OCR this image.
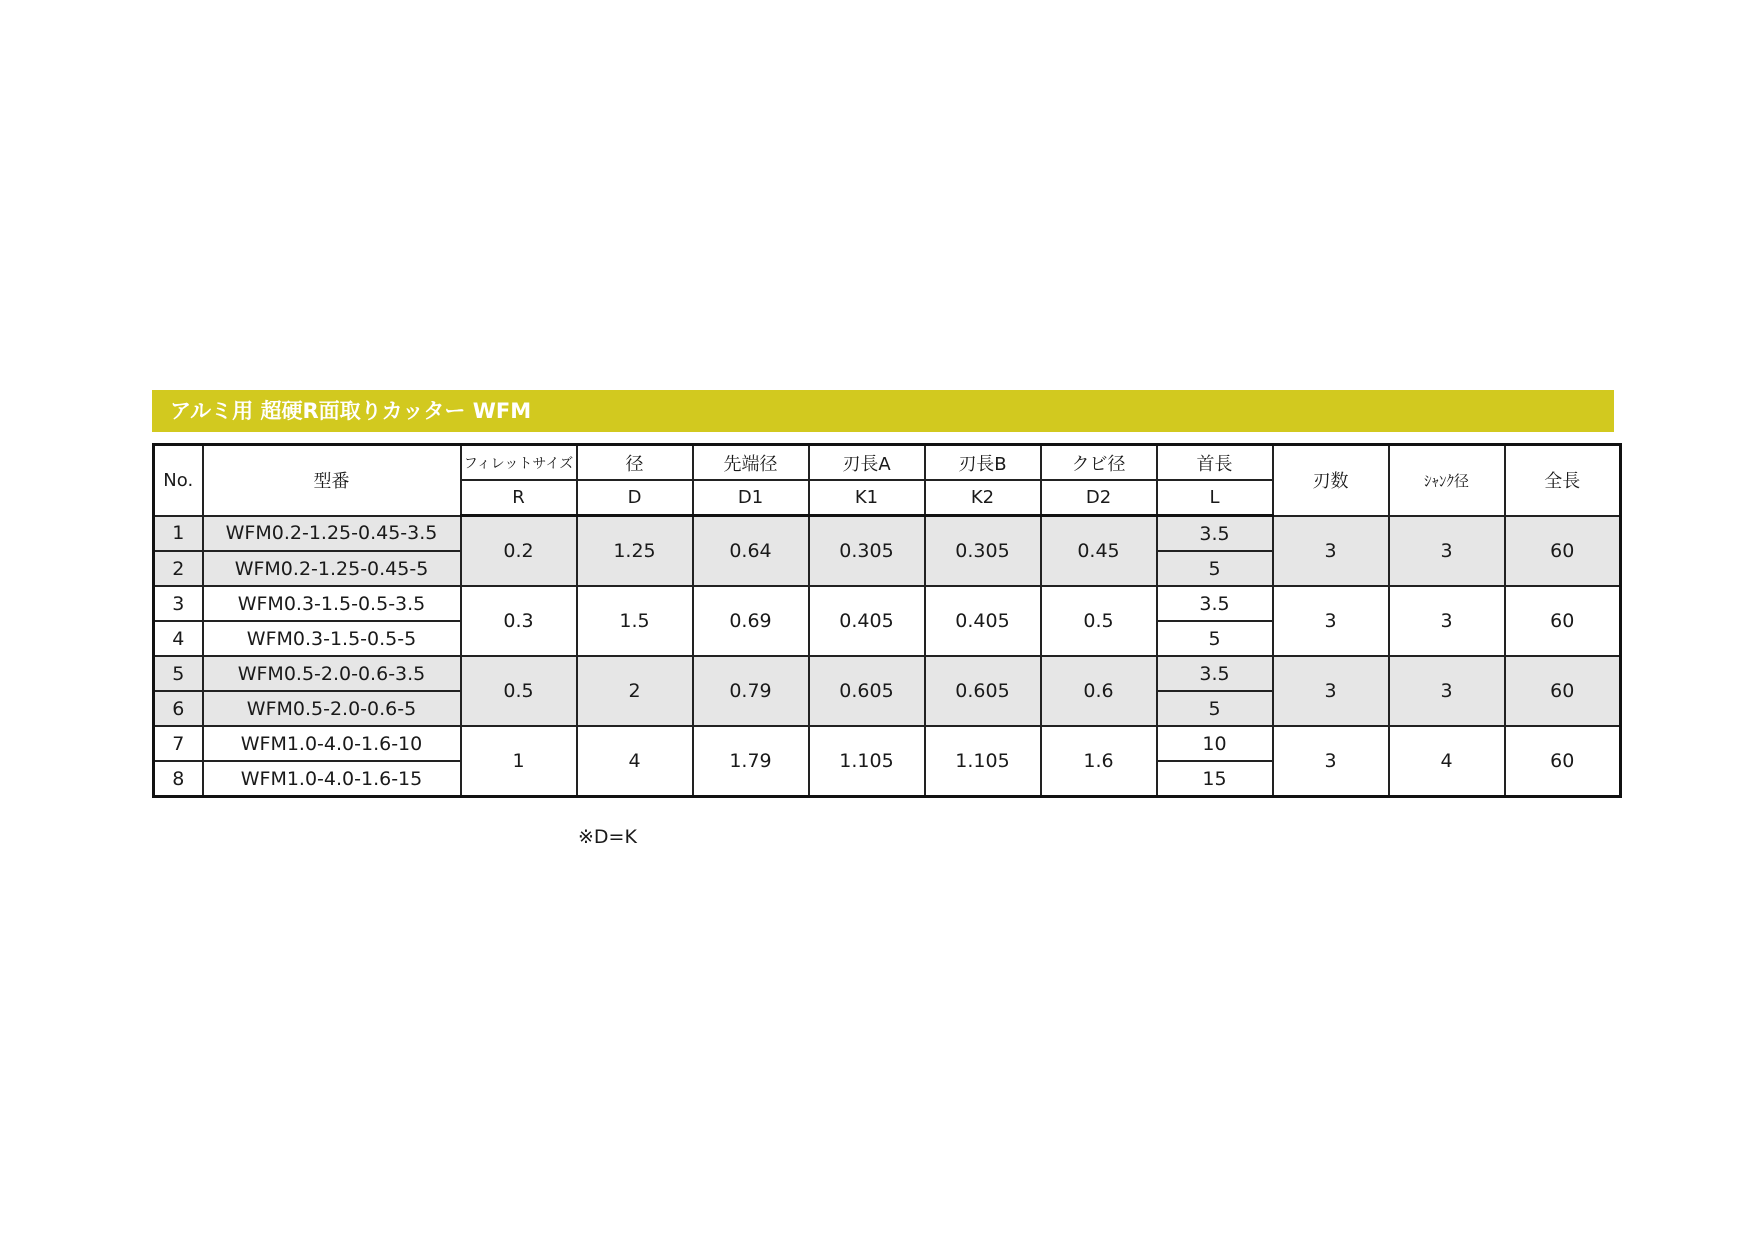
アルミ用 超硬R面取りカッター WFM
No.	型番	フィレットサイズ	径	先端径	刃長A	刃長B	クビ径	首長	刃数	ｼｬﾝｸ径	全長
		R	D	D1	K1	K2	D2	L			
1	WFM0.2-1.25-0.45-3.5	0.2	1.25	0.64	0.305	0.305	0.45	3.5	3	3	60
2	WFM0.2-1.25-0.45-5							5			
3	WFM0.3-1.5-0.5-3.5	0.3	1.5	0.69	0.405	0.405	0.5	3.5	3	3	60
4	WFM0.3-1.5-0.5-5							5			
5	WFM0.5-2.0-0.6-3.5	0.5	2	0.79	0.605	0.605	0.6	3.5	3	3	60
6	WFM0.5-2.0-0.6-5							5			
7	WFM1.0-4.0-1.6-10	1	4	1.79	1.105	1.105	1.6	10	3	4	60
8	WFM1.0-4.0-1.6-15							15			
※D=K
